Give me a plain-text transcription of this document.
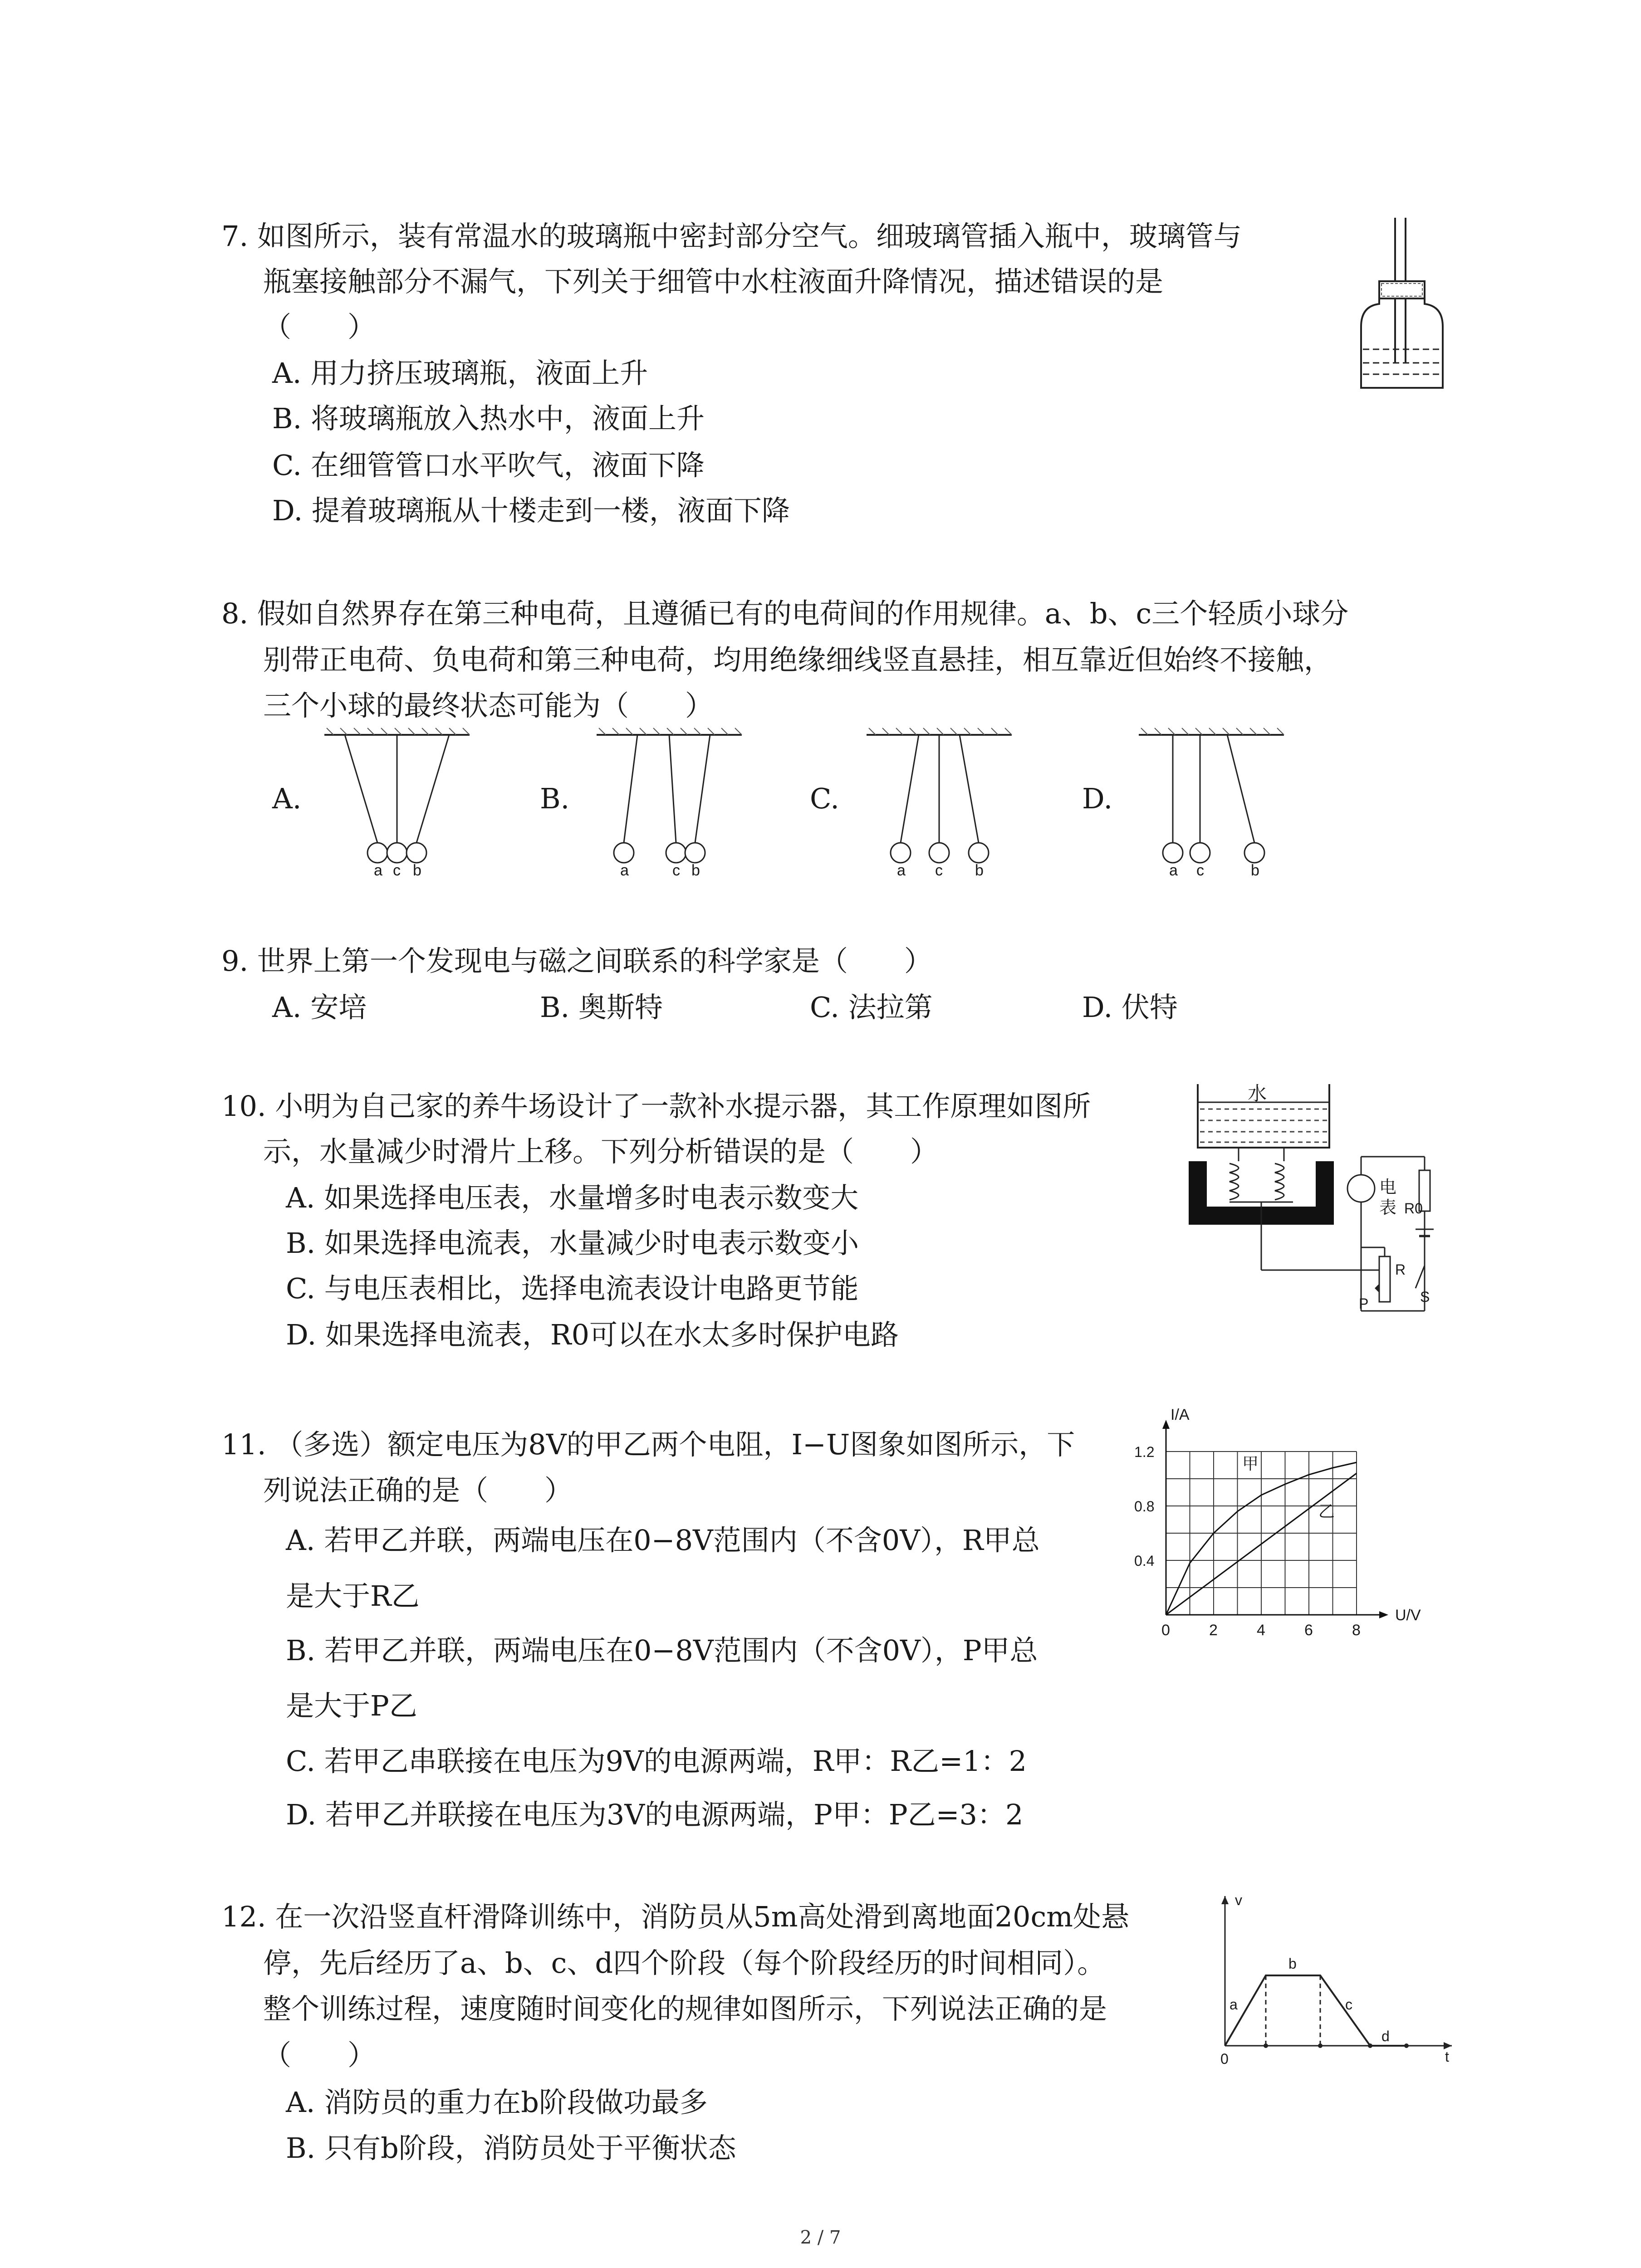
7. 如图所示，装有常温水的玻璃瓶中密封部分空气。细玻璃管插入瓶中，玻璃管与
瓶塞接触部分不漏气，下列关于细管中水柱液面升降情况，描述错误的是
（　　）
A. 用力挤压玻璃瓶，液面上升
B. 将玻璃瓶放入热水中，液面上升
C. 在细管管口水平吹气，液面下降
D. 提着玻璃瓶从十楼走到一楼，液面下降
8. 假如自然界存在第三种电荷，且遵循已有的电荷间的作用规律。a、b、c三个轻质小球分
别带正电荷、负电荷和第三种电荷，均用绝缘细线竖直悬挂，相互靠近但始终不接触，
三个小球的最终状态可能为（　　）
A.	B.	C.	D.
a c b	a	c b	a c b	a c	b
9. 世界上第一个发现电与磁之间联系的科学家是（　　）
A. 安培	B. 奥斯特	C. 法拉第	D. 伏特
10. 小明为自己家的养牛场设计了一款补水提示器，其工作原理如图所
示，水量减少时滑片上移。下列分析错误的是（　　）
A. 如果选择电压表，水量增多时电表示数变大
B. 如果选择电流表，水量减少时电表示数变小
C. 与电压表相比，选择电流表设计电路更节能
D. 如果选择电流表，R0可以在水太多时保护电路
水
电
表 R0
R
S
P
11. （多选）额定电压为8V的甲乙两个电阻，I−U图象如图所示，下
列说法正确的是（　　）
A. 若甲乙并联，两端电压在0−8V范围内（不含0V），R甲总
是大于R乙
B. 若甲乙并联，两端电压在0−8V范围内（不含0V），P甲总
是大于P乙
C. 若甲乙串联接在电压为9V的电源两端，R甲：R乙=1：2
D. 若甲乙并联接在电压为3V的电源两端，P甲：P乙=3：2
0	2	4	6	8
0.4
0.8
1.2
U/V
I/A
甲
乙
12. 在一次沿竖直杆滑降训练中，消防员从5m高处滑到离地面20cm处悬
停，先后经历了a、b、c、d四个阶段（每个阶段经历的时间相同）。
整个训练过程，速度随时间变化的规律如图所示，下列说法正确的是
（　　）
A. 消防员的重力在b阶段做功最多
B. 只有b阶段，消防员处于平衡状态
v
t
0
a
b
c
d
2 / 7
